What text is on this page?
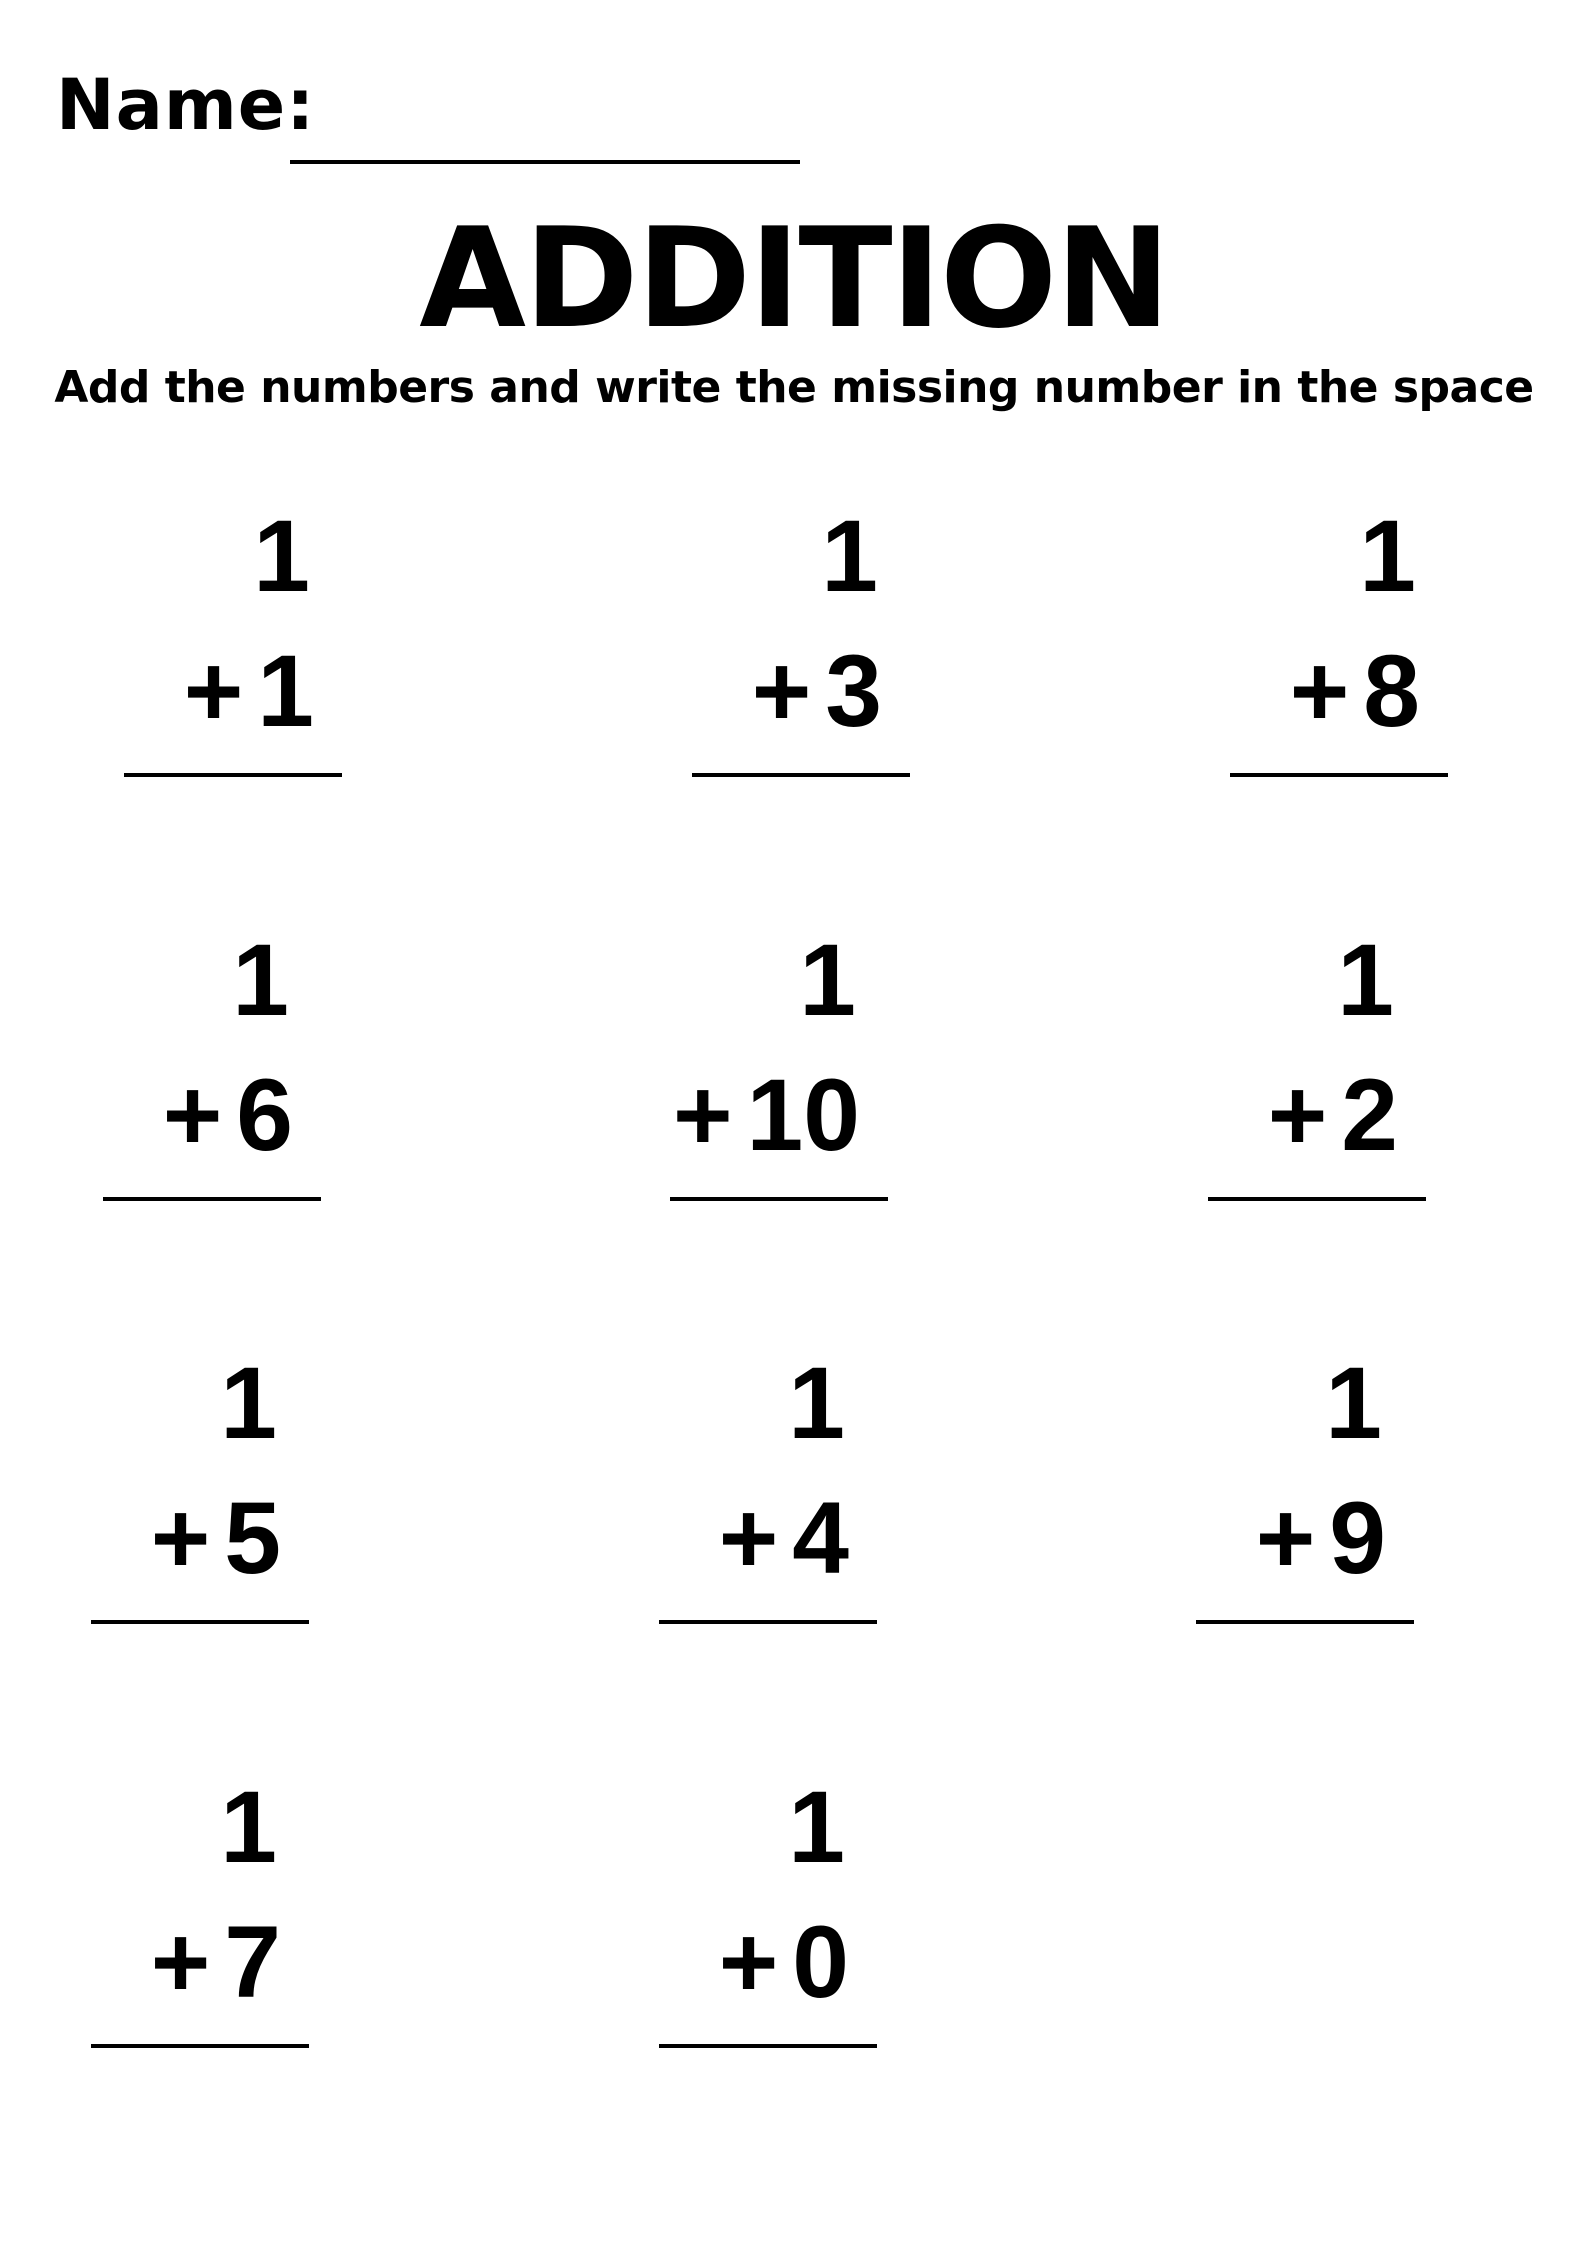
Name:
ADDITION
Add the numbers and write the missing number in the space
1
+ 1
1
+ 3
1
+ 8
1
+ 6
1
+ 10
1
+ 2
1
+ 5
1
+ 4
1
+ 9
1
+ 7
1
+ 0
